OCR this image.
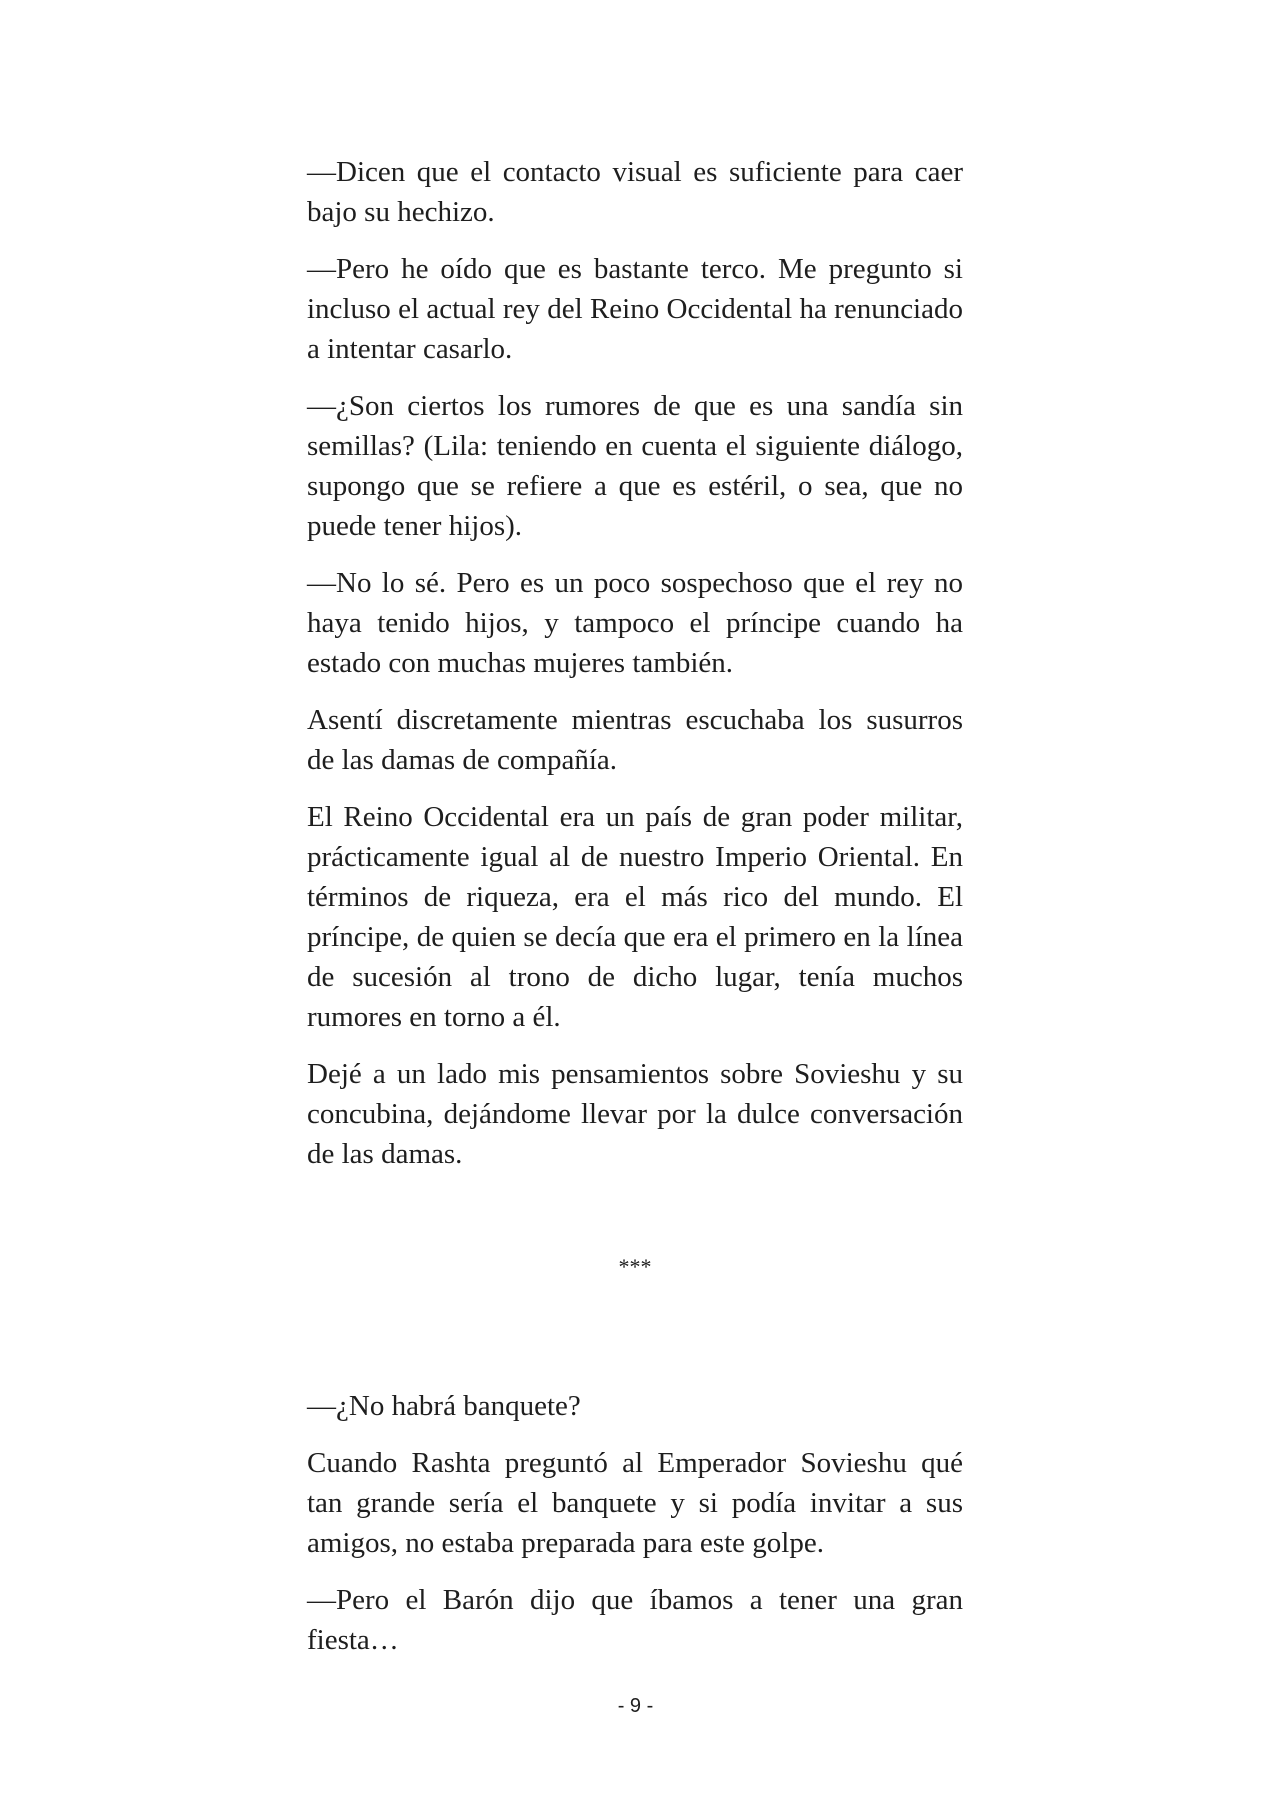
—Dicen que el contacto visual es suficiente para caer bajo su hechizo.

—Pero he oído que es bastante terco. Me pregunto si incluso el actual rey del Reino Occidental ha renunciado a intentar casarlo.

—¿Son ciertos los rumores de que es una sandía sin semillas? (Lila: teniendo en cuenta el siguiente diálogo, supongo que se refiere a que es estéril, o sea, que no puede tener hijos).

—No lo sé. Pero es un poco sospechoso que el rey no haya tenido hijos, y tampoco el príncipe cuando ha estado con muchas mujeres también.

Asentí discretamente mientras escuchaba los susurros de las damas de compañía.

El Reino Occidental era un país de gran poder militar, prácticamente igual al de nuestro Imperio Oriental. En términos de riqueza, era el más rico del mundo. El príncipe, de quien se decía que era el primero en la línea de sucesión al trono de dicho lugar, tenía muchos rumores en torno a él.

Dejé a un lado mis pensamientos sobre Sovieshu y su concubina, dejándome llevar por la dulce conversación de las damas.

***

—¿No habrá banquete?

Cuando Rashta preguntó al Emperador Sovieshu qué tan grande sería el banquete y si podía invitar a sus amigos, no estaba preparada para este golpe.

—Pero el Barón dijo que íbamos a tener una gran fiesta…

- 9 -
